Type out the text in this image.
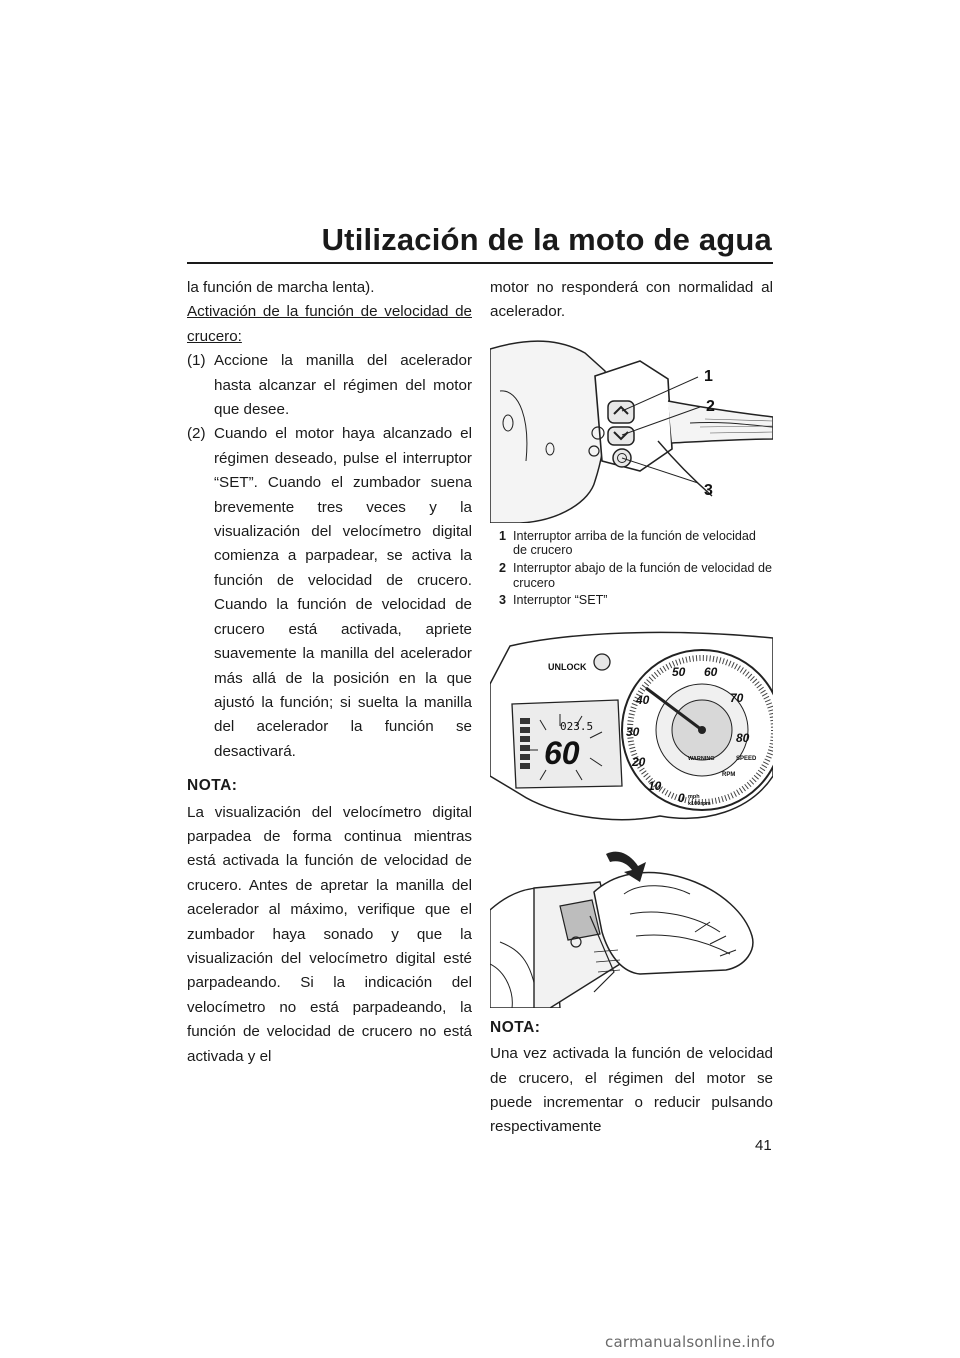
Utilización de la moto de agua

la función de marcha lenta).

Activación de la función de velocidad de crucero:

(1) Accione la manilla del acelerador hasta alcanzar el régimen del motor que desee.
(2) Cuando el motor haya alcanzado el régimen deseado, pulse el interruptor “SET”. Cuando el zumbador suena brevemente tres veces y la visualización del velocímetro digital comienza a parpadear, se activa la función de velocidad de crucero. Cuando la función de velocidad de crucero está activada, apriete suavemente la manilla del acelerador más allá de la posición en la que ajustó la función; si suelta la manilla del acelerador la función se desactivará.
NOTA:

La visualización del velocímetro digital parpadea de forma continua mientras está activada la función de velocidad de crucero. Antes de apretar la manilla del acelerador al máximo, verifique que el zumbador haya sonado y que la visualización del velocímetro digital esté parpadeando. Si la indicación del velocímetro no está parpadeando, la función de velocidad de crucero no está activada y el

motor no responderá con normalidad al acelerador.

1
2
3
1 Interruptor arriba de la función de velocidad de crucero
2 Interruptor abajo de la función de velocidad de crucero
3 Interruptor “SET”
UNLOCK
023.5
60
0
10
20
30
40
50 60
70
80
WARNING	SPEED
RPM
mph
x100rpm
NOTA:

Una vez activada la función de velocidad de crucero, el régimen del motor se puede incrementar o reducir pulsando respectivamente

41
carmanualsonline.info
